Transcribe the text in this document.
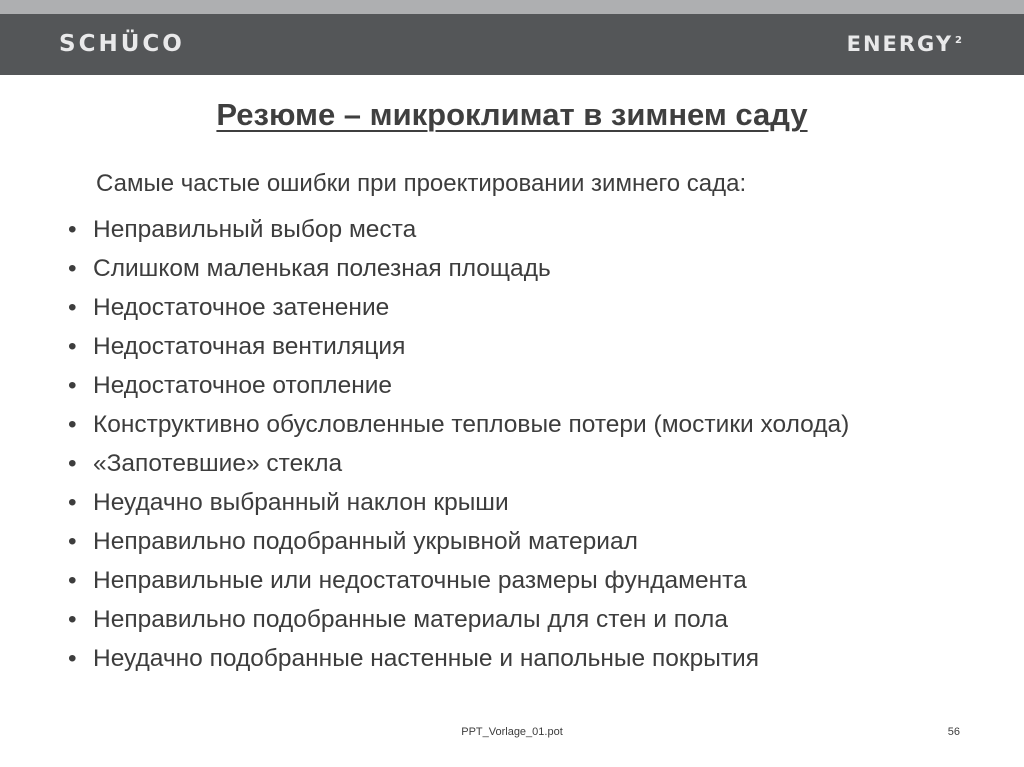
SCHÜCO	ENERGY $^2$
Резюме – микроклимат в зимнем саду
Самые частые ошибки при проектировании зимнего сада:
• Неправильный выбор места
• Слишком маленькая полезная площадь
• Недостаточное затенение
• Недостаточная вентиляция
• Недостаточное отопление
• Конструктивно обусловленные тепловые потери (мостики холода)
• «Запотевшие» стекла
• Неудачно выбранный наклон крыши
• Неправильно подобранный укрывной материал
• Неправильные или недостаточные размеры фундамента
• Неправильно подобранные материалы для стен и пола
• Неудачно подобранные настенные и напольные покрытия
PPT_Vorlage_01.pot	56
